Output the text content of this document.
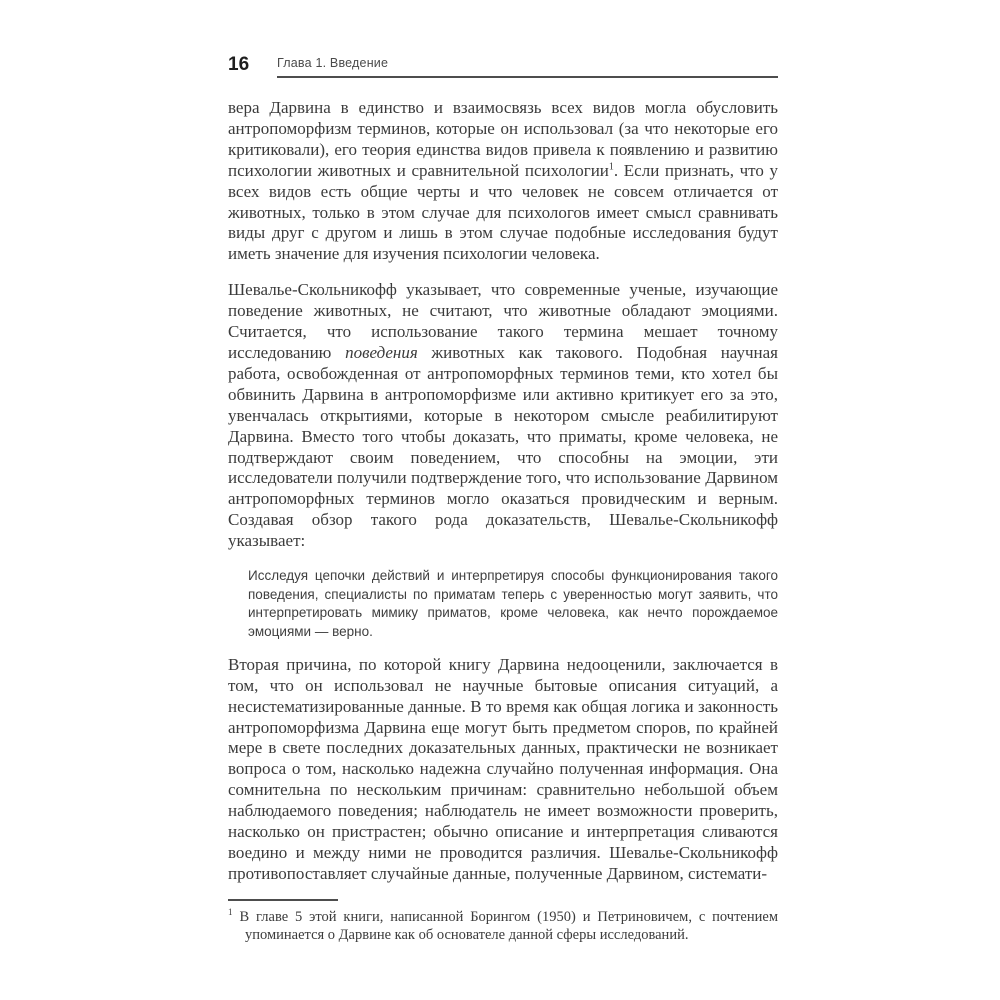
16	Глава 1. Введение

вера Дарвина в единство и взаимосвязь всех видов могла обусловить антропоморфизм терминов, которые он использовал (за что некоторые его критиковали), его теория единства видов привела к появлению и развитию психологии животных и сравнительной психологии$^1$. Если признать, что у всех видов есть общие черты и что человек не совсем отличается от животных, только в этом случае для психологов имеет смысл сравнивать виды друг с другом и лишь в этом случае подобные исследования будут иметь значение для изучения психологии человека.

Шевалье-Скольникофф указывает, что современные ученые, изучающие поведение животных, не считают, что животные обладают эмоциями. Считается, что использование такого термина мешает точному исследованию поведения животных как такового. Подобная научная работа, освобожденная от антропоморфных терминов теми, кто хотел бы обвинить Дарвина в антропоморфизме или активно критикует его за это, увенчалась открытиями, которые в некотором смысле реабилитируют Дарвина. Вместо того чтобы доказать, что приматы, кроме человека, не подтверждают своим поведением, что способны на эмоции, эти исследователи получили подтверждение того, что использование Дарвином антропоморфных терминов могло оказаться провидческим и верным. Создавая обзор такого рода доказательств, Шевалье-Скольникофф указывает:

Исследуя цепочки действий и интерпретируя способы функционирования такого поведения, специалисты по приматам теперь с уверенностью могут заявить, что интерпретировать мимику приматов, кроме человека, как нечто порождаемое эмоциями — верно.

Вторая причина, по которой книгу Дарвина недооценили, заключается в том, что он использовал не научные бытовые описания ситуаций, а несистематизированные данные. В то время как общая логика и законность антропоморфизма Дарвина еще могут быть предметом споров, по крайней мере в свете последних доказательных данных, практически не возникает вопроса о том, насколько надежна случайно полученная информация. Она сомнительна по нескольким причинам: сравнительно небольшой объем наблюдаемого поведения; наблюдатель не имеет возможности проверить, насколько он пристрастен; обычно описание и интерпретация сливаются воедино и между ними не проводится различия. Шевалье-Скольникофф противопоставляет случайные данные, полученные Дарвином, системати-

$^1$ В главе 5 этой книги, написанной Борингом (1950) и Петриновичем, с почтением упоминается о Дарвине как об основателе данной сферы исследований.
